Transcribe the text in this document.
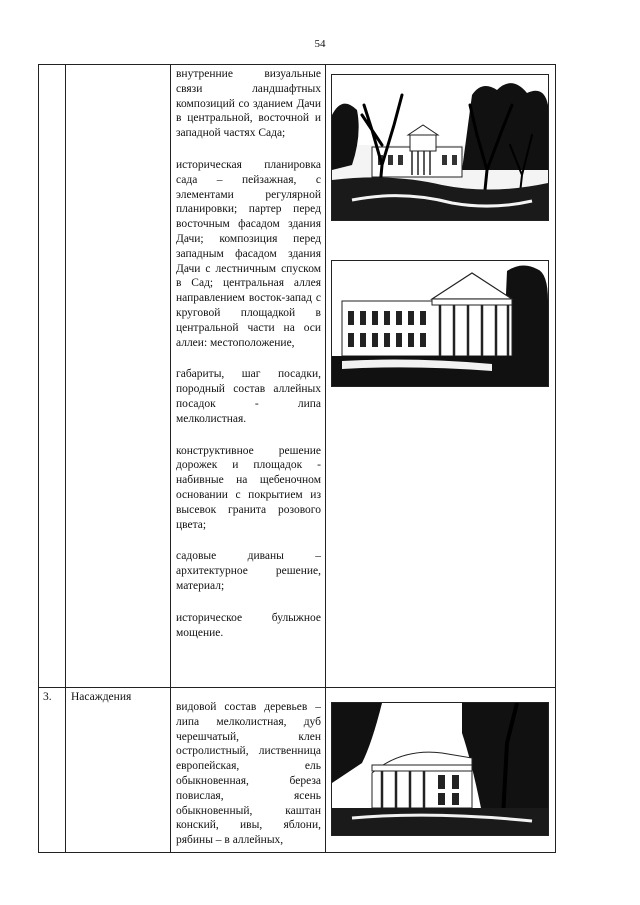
54

внутренние визуальные связи ландшафтных композиций со зданием Дачи в центральной, восточной и западной частях Сада;

историческая планировка сада – пейзажная, с элементами регулярной планировки; партер перед восточным фасадом здания Дачи; композиция перед западным фасадом здания Дачи с лестничным спуском в Сад; центральная аллея направлением восток-запад с круговой площадкой в центральной части на оси аллеи: местоположение,

габариты, шаг посадки, породный состав аллейных посадок - липа мелколистная.

конструктивное решение дорожек и площадок - набивные на щебеночном основании с покрытием из высевок гранита розового цвета;

садовые диваны – архитектурное решение, материал;

историческое булыжное мощение.

3. Насаждения

видовой состав деревьев – липа мелколистная, дуб черешчатый, клен остролистный, лиственница европейская, ель обыкновенная, береза повислая, ясень обыкновенный, каштан конский, ивы, яблони, рябины – в аллейных,
